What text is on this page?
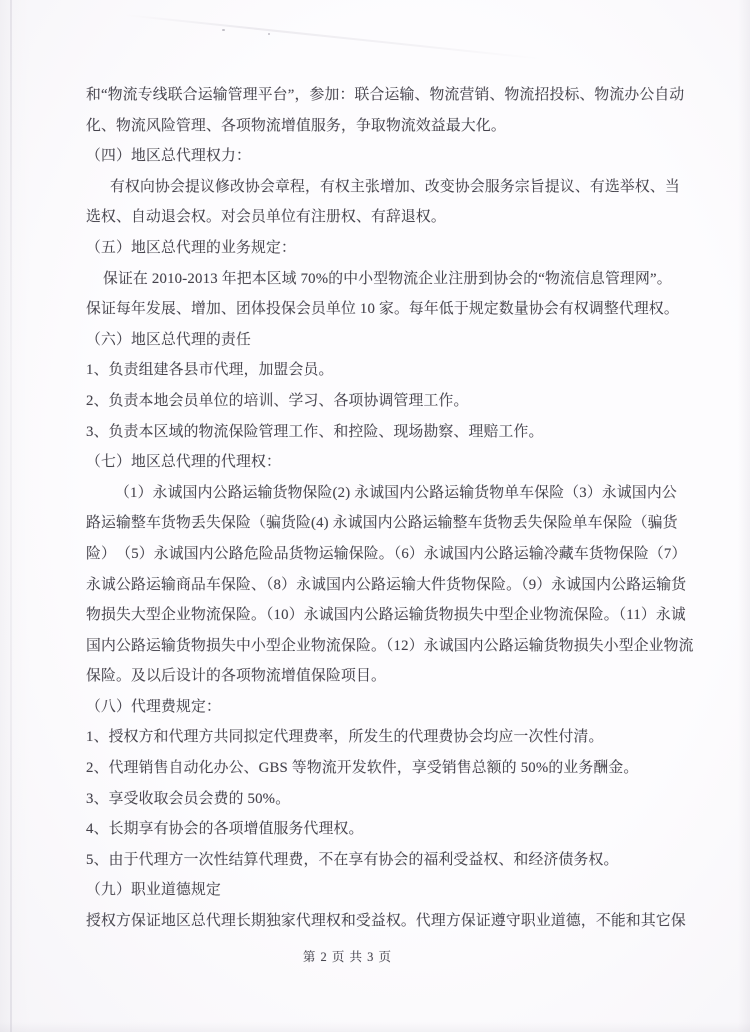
和“物流专线联合运输管理平台”，参加：联合运输、物流营销、物流招投标、物流办公自动
化、物流风险管理、各项物流增值服务，争取物流效益最大化。
（四）地区总代理权力：
有权向协会提议修改协会章程，有权主张增加、改变协会服务宗旨提议、有选举权、当
选权、自动退会权。对会员单位有注册权、有辞退权。
（五）地区总代理的业务规定：
保证在 2010-2013 年把本区域 70%的中小型物流企业注册到协会的“物流信息管理网”。
保证每年发展、增加、团体投保会员单位 10 家。每年低于规定数量协会有权调整代理权。
（六）地区总代理的责任
1、负责组建各县市代理，加盟会员。
2、负责本地会员单位的培训、学习、各项协调管理工作。
3、负责本区域的物流保险管理工作、和控险、现场勘察、理赔工作。
（七）地区总代理的代理权：
（1）永诚国内公路运输货物保险(2) 永诚国内公路运输货物单车保险（3）永诚国内公
路运输整车货物丢失保险（骗货险(4) 永诚国内公路运输整车货物丢失保险单车保险（骗货
险）　（5）永诚国内公路危险品货物运输保险。（6）永诚国内公路运输冷藏车货物保险（7）
永诚公路运输商品车保险、（8）永诚国内公路运输大件货物保险。（9）永诚国内公路运输货
物损失大型企业物流保险。（10）永诚国内公路运输货物损失中型企业物流保险。（11）永诚
国内公路运输货物损失中小型企业物流保险。（12）永诚国内公路运输货物损失小型企业物流
保险。及以后设计的各项物流增值保险项目。
（八）代理费规定：
1、授权方和代理方共同拟定代理费率，所发生的代理费协会均应一次性付清。
2、代理销售自动化办公、GBS 等物流开发软件，享受销售总额的 50%的业务酬金。
3、享受收取会员会费的 50%。
4、长期享有协会的各项增值服务代理权。
5、由于代理方一次性结算代理费，不在享有协会的福利受益权、和经济债务权。
（九）职业道德规定
授权方保证地区总代理长期独家代理权和受益权。代理方保证遵守职业道德，不能和其它保
第 2 页 共 3 页
